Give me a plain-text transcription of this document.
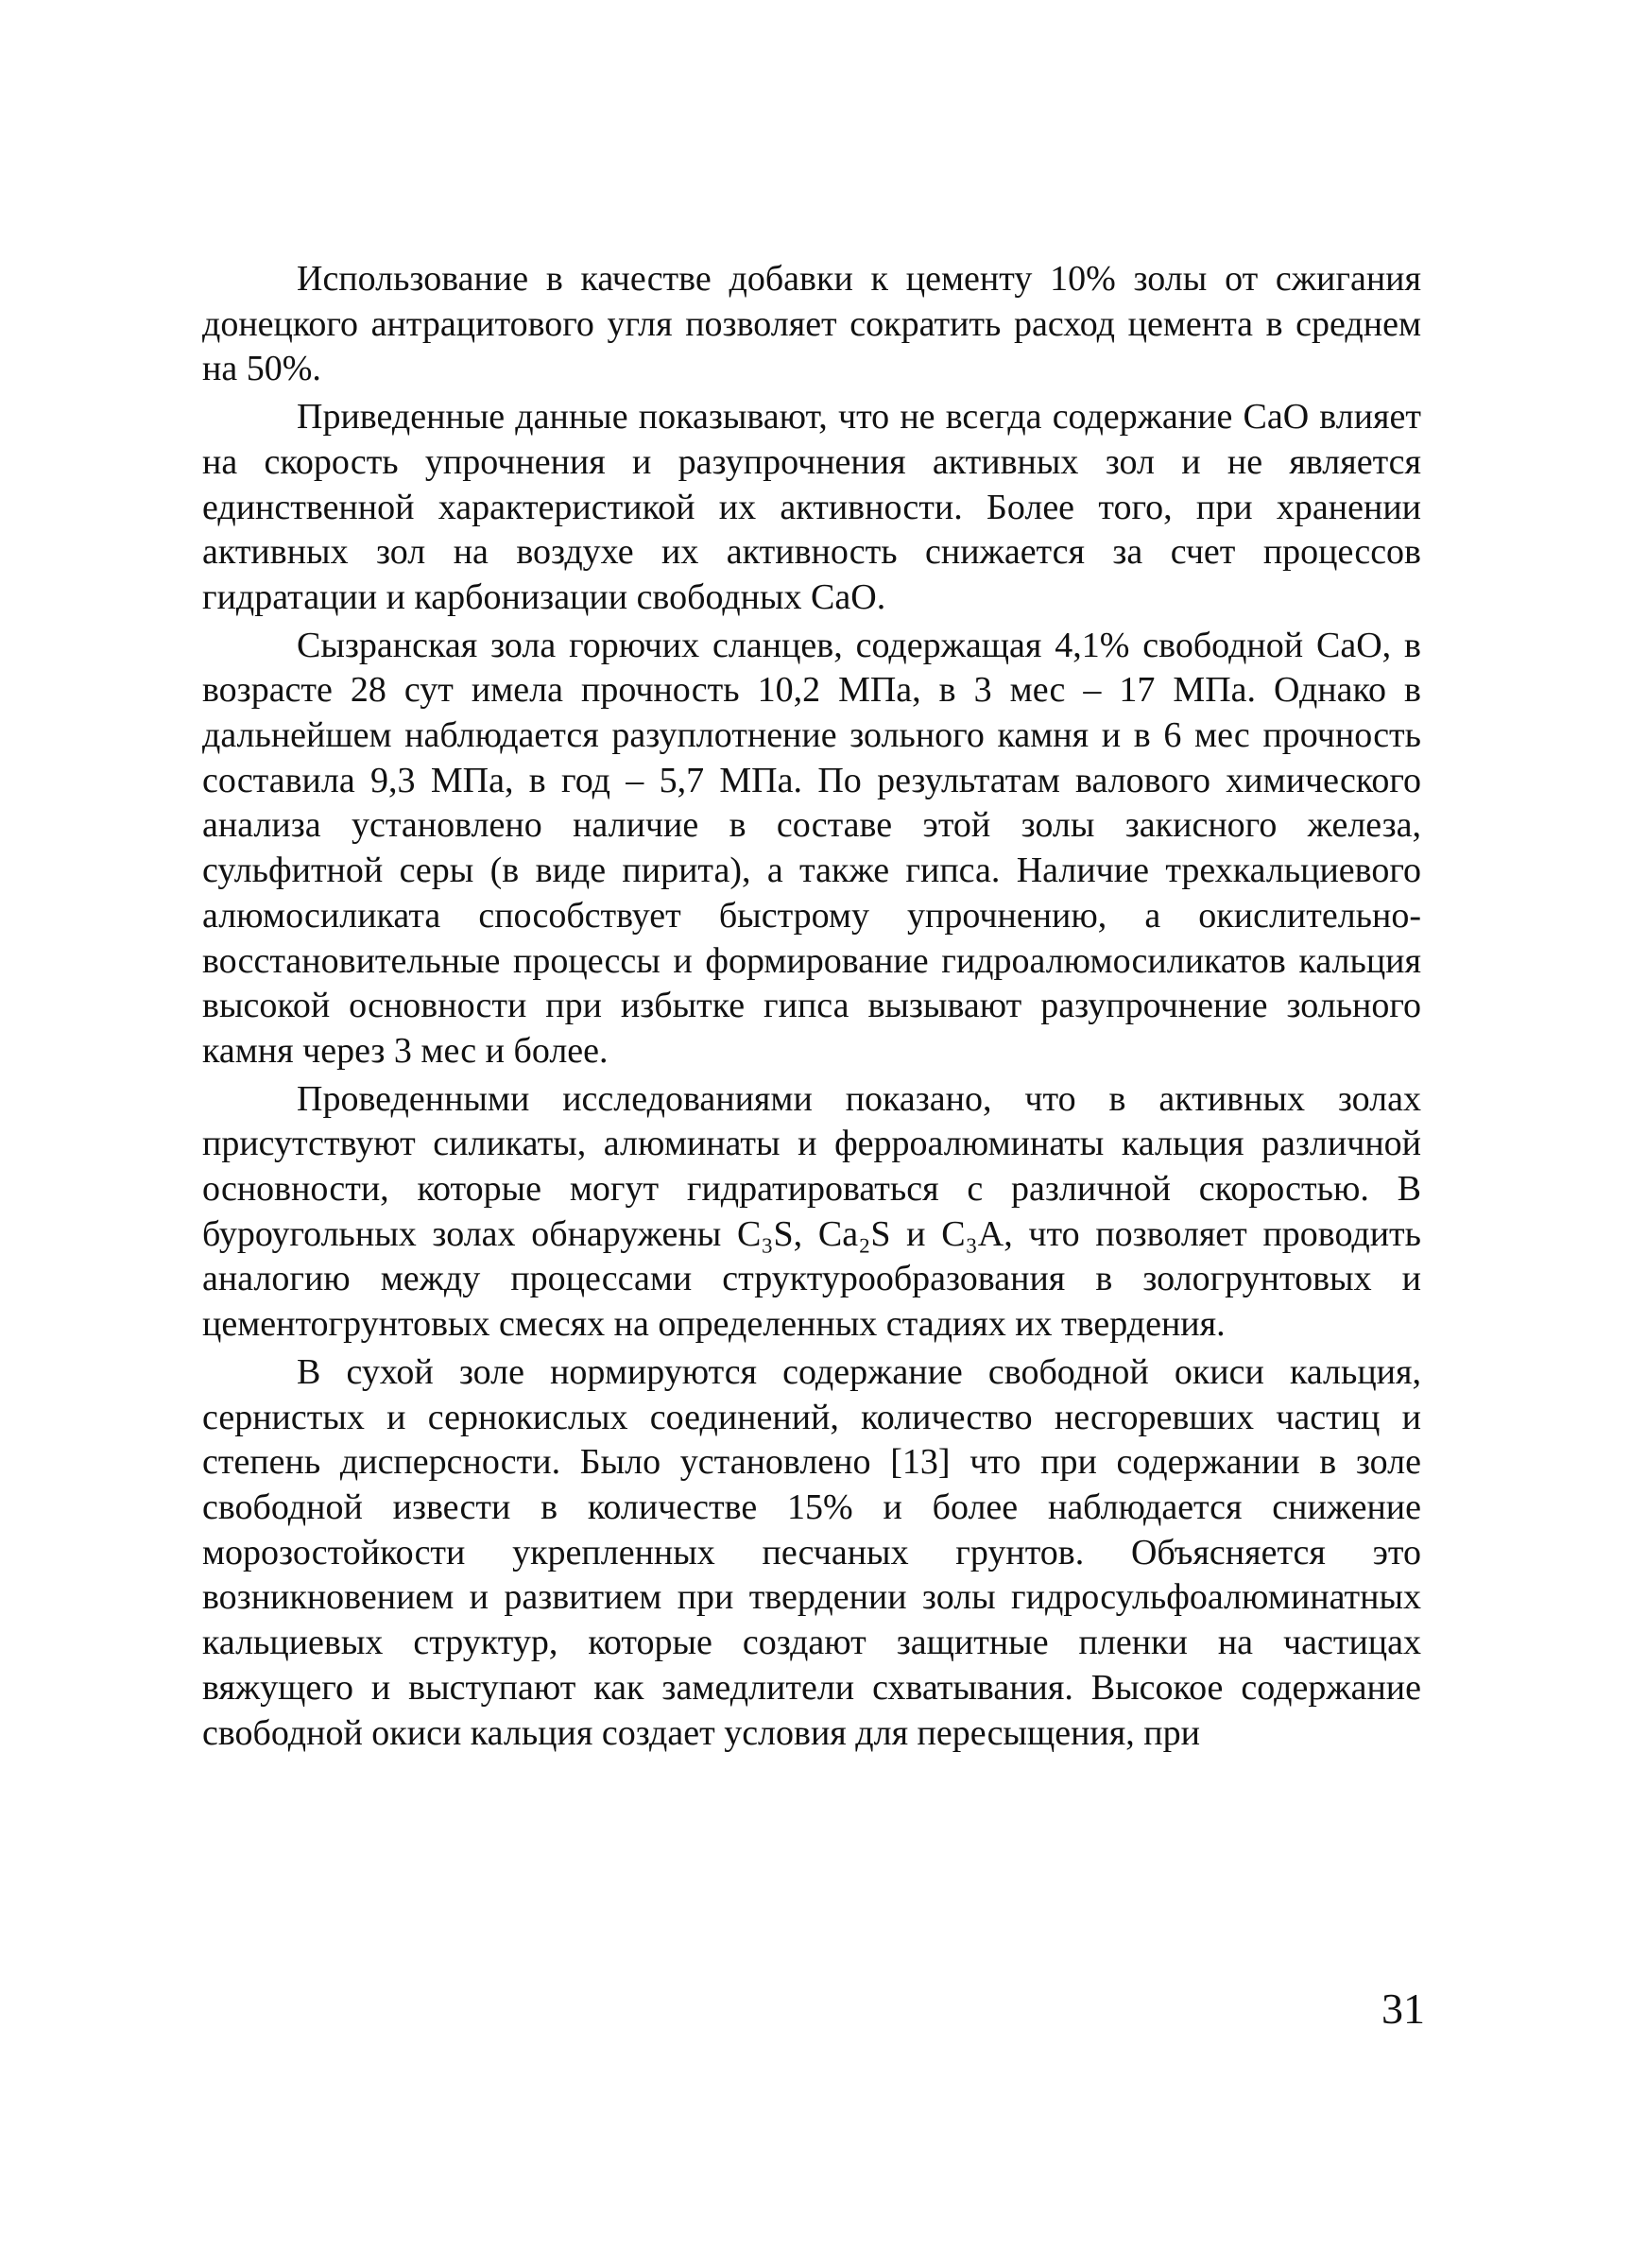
Использование в качестве добавки к цементу 10% золы от сжигания донецкого антрацитового угля позволяет сократить расход цемента в среднем на 50%.

Приведенные данные показывают, что не всегда содержание CaO влияет на скорость упрочнения и разупрочнения активных зол и не является единственной характеристикой их активности. Более того, при хранении активных зол на воздухе их активность снижается за счет процессов гидратации и карбонизации свободных CaO.

Сызранская зола горючих сланцев, содержащая 4,1% свободной CaO, в возрасте 28 сут имела прочность 10,2 МПа, в 3 мес – 17 МПа. Однако в дальнейшем наблюдается разуплотнение зольного камня и в 6 мес прочность составила 9,3 МПа, в год – 5,7 МПа. По результатам валового химического анализа установлено наличие в составе этой золы закисного железа, сульфитной серы (в виде пирита), а также гипса. Наличие трехкальциевого алюмосиликата способствует быстрому упрочнению, а окислительно-восстановительные процессы и формирование гидроалюмосиликатов кальция высокой основности при избытке гипса вызывают разупрочнение зольного камня через 3 мес и более.

Проведенными исследованиями показано, что в активных золах присутствуют силикаты, алюминаты и ферроалюминаты кальция различной основности, которые могут гидратироваться с различной скоростью. В буроугольных золах обнаружены C₃S, Ca₂S и C₃A, что позволяет проводить аналогию между процессами структурообразования в зологрунтовых и цементогрунтовых смесях на определенных стадиях их твердения.

В сухой золе нормируются содержание свободной окиси кальция, сернистых и сернокислых соединений, количество несгоревших частиц и степень дисперсности. Было установлено [13] что при содержании в золе свободной извести в количестве 15% и более наблюдается снижение морозостойкости укрепленных песчаных грунтов. Объясняется это возникновением и развитием при твердении золы гидросульфоалюминатных кальциевых структур, которые создают защитные пленки на частицах вяжущего и выступают как замедлители схватывания. Высокое содержание свободной окиси кальция создает условия для пересыщения, при

31
